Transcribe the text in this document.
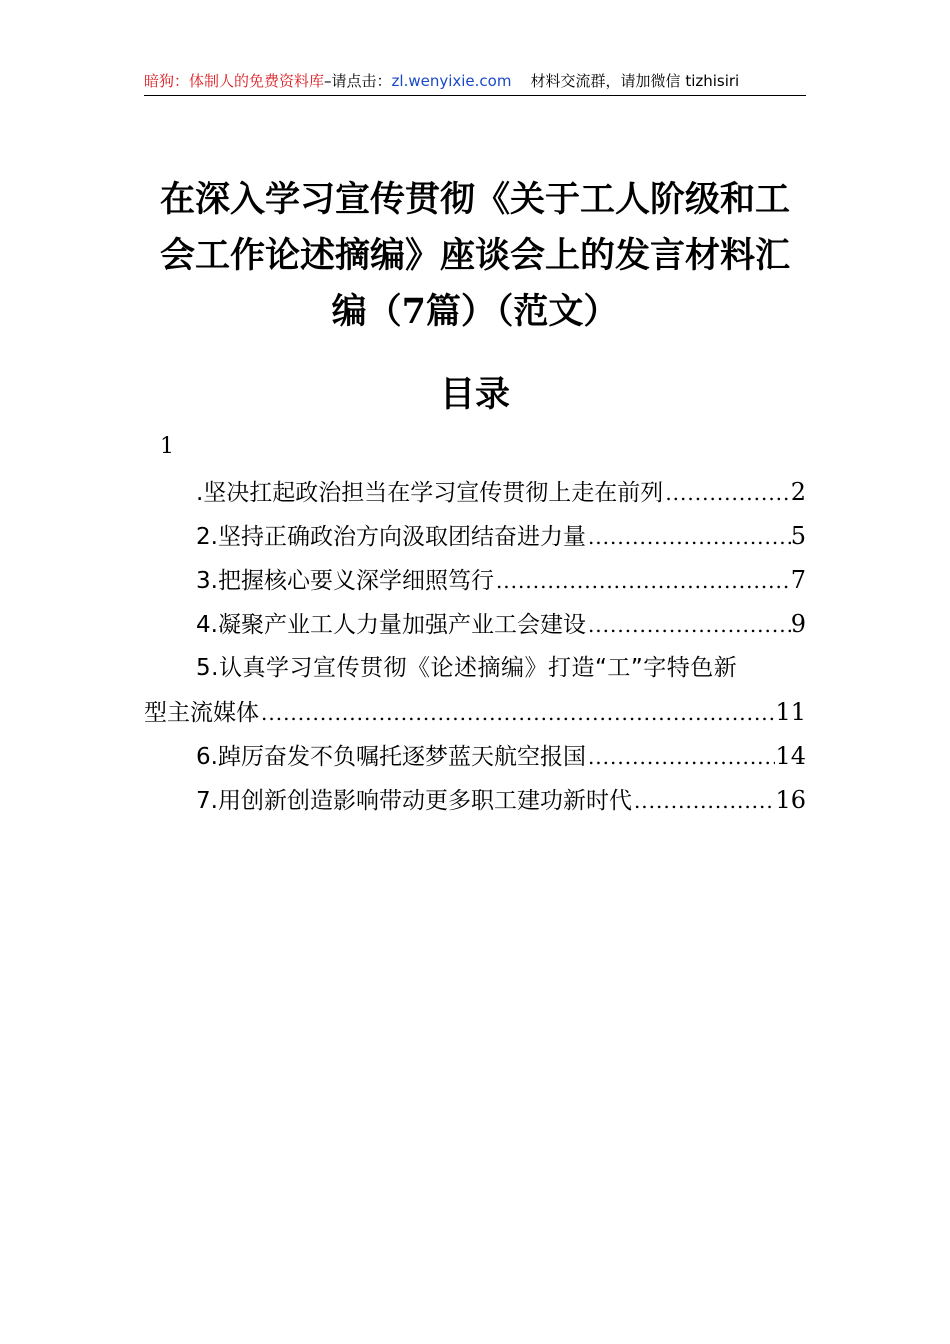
暗狗：体制人的免费资料库–请点击：zl.wenyixie.com 材料交流群，请加微信 tizhisiri
在深入学习宣传贯彻《关于工人阶级和工
会工作论述摘编》座谈会上的发言材料汇
编（7篇）（范文）
目录
1
.坚决扛起政治担当在学习宣传贯彻上走在前列 .....	2
2.坚持正确政治方向汲取团结奋进力量 .....	5
3.把握核心要义深学细照笃行 .....	7
4.凝聚产业工人力量加强产业工会建设 .....	9
5.认真学习宣传贯彻《论述摘编》打造“工”字特色新
型主流媒体 .....	11
6.踔厉奋发不负嘱托逐梦蓝天航空报国 .....	14
7.用创新创造影响带动更多职工建功新时代 .....	16
